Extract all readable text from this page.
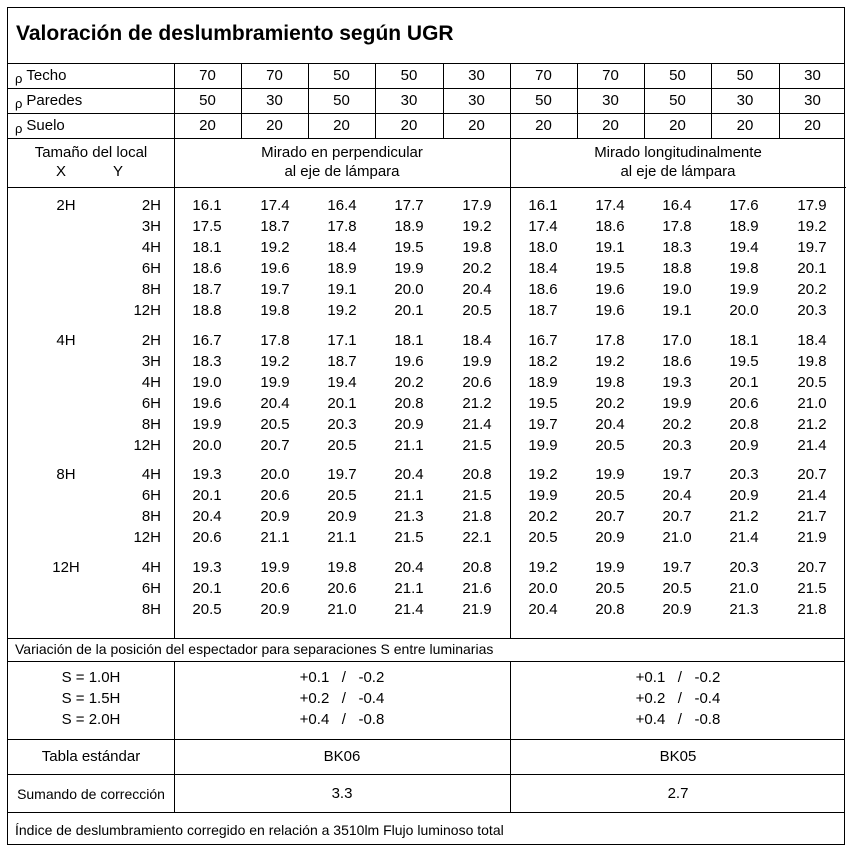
Valoración de deslumbramiento según UGR
ρ Techo	70	70	50	50	30	70	70	50	50	30
ρ Paredes	50	30	50	30	30	50	30	50	30	30
ρ Suelo	20	20	20	20	20	20	20	20	20	20
Tamaño del local
X	Y
Mirado en perpendicular
al eje de lámpara
Mirado longitudinalmente
al eje de lámpara
2H	2H	16.1	17.4	16.4	17.7	17.9	16.1	17.4	16.4	17.6	17.9
3H	17.5	18.7	17.8	18.9	19.2	17.4	18.6	17.8	18.9	19.2
4H	18.1	19.2	18.4	19.5	19.8	18.0	19.1	18.3	19.4	19.7
6H	18.6	19.6	18.9	19.9	20.2	18.4	19.5	18.8	19.8	20.1
8H	18.7	19.7	19.1	20.0	20.4	18.6	19.6	19.0	19.9	20.2
12H	18.8	19.8	19.2	20.1	20.5	18.7	19.6	19.1	20.0	20.3
4H	2H	16.7	17.8	17.1	18.1	18.4	16.7	17.8	17.0	18.1	18.4
3H	18.3	19.2	18.7	19.6	19.9	18.2	19.2	18.6	19.5	19.8
4H	19.0	19.9	19.4	20.2	20.6	18.9	19.8	19.3	20.1	20.5
6H	19.6	20.4	20.1	20.8	21.2	19.5	20.2	19.9	20.6	21.0
8H	19.9	20.5	20.3	20.9	21.4	19.7	20.4	20.2	20.8	21.2
12H	20.0	20.7	20.5	21.1	21.5	19.9	20.5	20.3	20.9	21.4
8H	4H	19.3	20.0	19.7	20.4	20.8	19.2	19.9	19.7	20.3	20.7
6H	20.1	20.6	20.5	21.1	21.5	19.9	20.5	20.4	20.9	21.4
8H	20.4	20.9	20.9	21.3	21.8	20.2	20.7	20.7	21.2	21.7
12H	20.6	21.1	21.1	21.5	22.1	20.5	20.9	21.0	21.4	21.9
12H	4H	19.3	19.9	19.8	20.4	20.8	19.2	19.9	19.7	20.3	20.7
6H	20.1	20.6	20.6	21.1	21.6	20.0	20.5	20.5	21.0	21.5
8H	20.5	20.9	21.0	21.4	21.9	20.4	20.8	20.9	21.3	21.8
Variación de la posición del espectador para separaciones S entre luminarias
S = 1.0H	+0.1   /   -0.2	+0.1   /   -0.2
S = 1.5H	+0.2   /   -0.4	+0.2   /   -0.4
S = 2.0H	+0.4   /   -0.8	+0.4   /   -0.8
Tabla estándar	BK06	BK05
Sumando de corrección	3.3	2.7
Índice de deslumbramiento corregido en relación a 3510lm Flujo luminoso total
